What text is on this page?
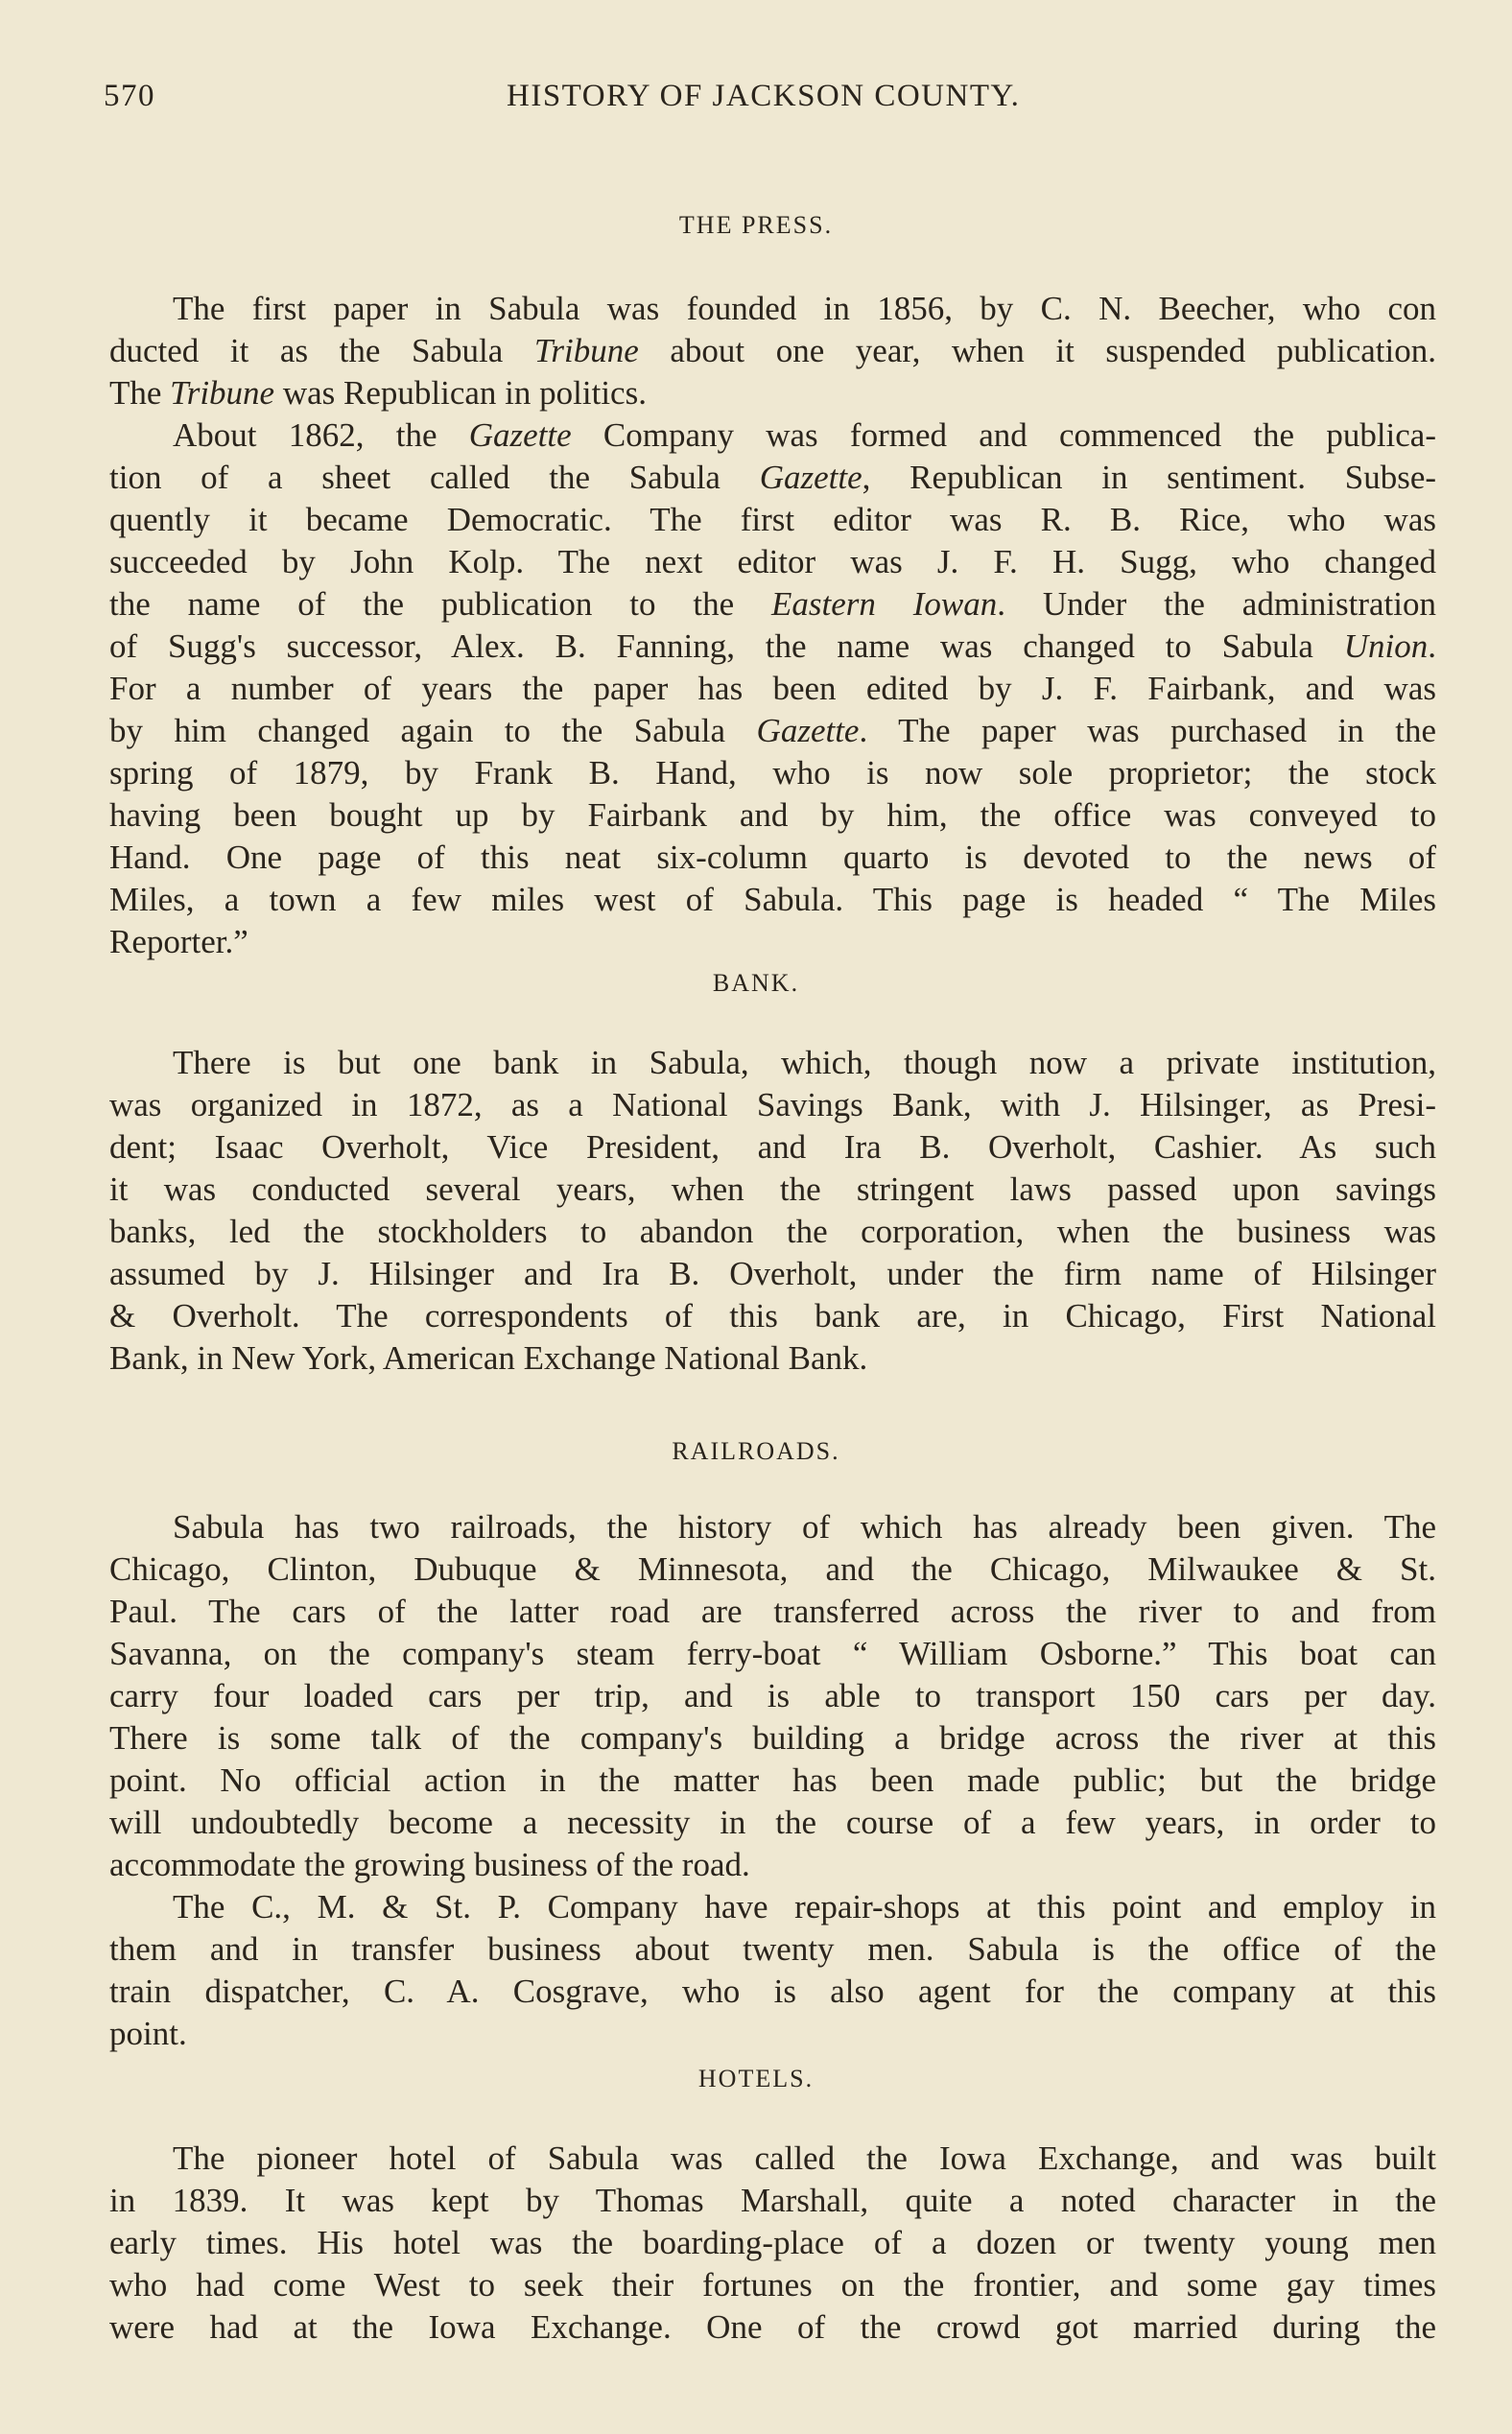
570	HISTORY OF JACKSON COUNTY.
THE PRESS.
The first paper in Sabula was founded in 1856, by C. N. Beecher, who con
ducted it as the Sabula Tribune about one year, when it suspended publication.
The Tribune was Republican in politics.
About 1862, the Gazette Company was formed and commenced the publica-
tion of a sheet called the Sabula Gazette, Republican in sentiment. Subse-
quently it became Democratic. The first editor was R. B. Rice, who was
succeeded by John Kolp. The next editor was J. F. H. Sugg, who changed
the name of the publication to the Eastern Iowan. Under the administration
of Sugg's successor, Alex. B. Fanning, the name was changed to Sabula Union.
For a number of years the paper has been edited by J. F. Fairbank, and was
by him changed again to the Sabula Gazette. The paper was purchased in the
spring of 1879, by Frank B. Hand, who is now sole proprietor; the stock
having been bought up by Fairbank and by him, the office was conveyed to
Hand. One page of this neat six-column quarto is devoted to the news of
Miles, a town a few miles west of Sabula. This page is headed “ The Miles
Reporter.”
BANK.
There is but one bank in Sabula, which, though now a private institution,
was organized in 1872, as a National Savings Bank, with J. Hilsinger, as Presi-
dent; Isaac Overholt, Vice President, and Ira B. Overholt, Cashier. As such
it was conducted several years, when the stringent laws passed upon savings
banks, led the stockholders to abandon the corporation, when the business was
assumed by J. Hilsinger and Ira B. Overholt, under the firm name of Hilsinger
& Overholt. The correspondents of this bank are, in Chicago, First National
Bank, in New York, American Exchange National Bank.
RAILROADS.
Sabula has two railroads, the history of which has already been given. The
Chicago, Clinton, Dubuque & Minnesota, and the Chicago, Milwaukee & St.
Paul. The cars of the latter road are transferred across the river to and from
Savanna, on the company's steam ferry-boat “ William Osborne.” This boat can
carry four loaded cars per trip, and is able to transport 150 cars per day.
There is some talk of the company's building a bridge across the river at this
point. No official action in the matter has been made public; but the bridge
will undoubtedly become a necessity in the course of a few years, in order to
accommodate the growing business of the road.
The C., M. & St. P. Company have repair-shops at this point and employ in
them and in transfer business about twenty men. Sabula is the office of the
train dispatcher, C. A. Cosgrave, who is also agent for the company at this
point.
HOTELS.
The pioneer hotel of Sabula was called the Iowa Exchange, and was built
in 1839. It was kept by Thomas Marshall, quite a noted character in the
early times. His hotel was the boarding-place of a dozen or twenty young men
who had come West to seek their fortunes on the frontier, and some gay times
were had at the Iowa Exchange. One of the crowd got married during the
